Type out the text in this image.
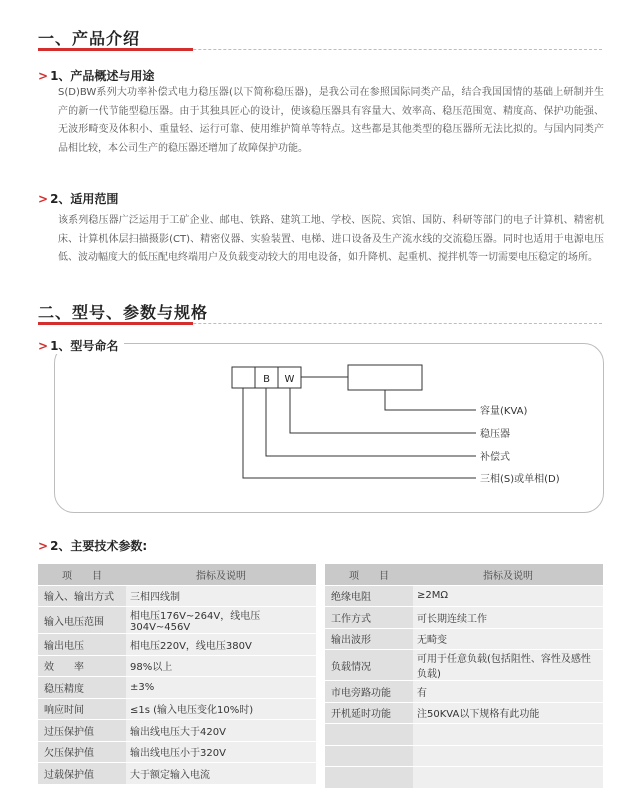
一、产品介绍
> 1、产品概述与用途
S(D)BW系列大功率补偿式电力稳压器(以下简称稳压器)，是我公司在参照国际同类产品，结合我国国情的基础上研制并生产的新一代节能型稳压器。由于其独具匠心的设计，使该稳压器具有容量大、效率高、稳压范围宽、精度高、保护功能强、无波形畸变及体积小、重量轻、运行可靠、使用维护简单等特点。这些都是其他类型的稳压器所无法比拟的。与国内同类产品相比较，本公司生产的稳压器还增加了故障保护功能。
> 2、适用范围
该系列稳压器广泛运用于工矿企业、邮电、铁路、建筑工地、学校、医院、宾馆、国防、科研等部门的电子计算机、精密机床、计算机体层扫描摄影(CT)、精密仪器、实验装置、电梯、进口设备及生产流水线的交流稳压器。同时也适用于电源电压低、波动幅度大的低压配电终端用户及负载变动较大的用电设备，如升降机、起重机、搅拌机等一切需要电压稳定的场所。
二、型号、参数与规格
> 1、型号命名
B W
容量(KVA)
稳压器
补偿式
三相(S)或单相(D)
> 2、主要技术参数:
项　　目	指标及说明
输入、输出方式	三相四线制
输入电压范围	相电压176V~264V，线电压304V~456V
输出电压	相电压220V，线电压380V
效　　率	98%以上
稳压精度	±3%
响应时间	≤1s (输入电压变化10%时)
过压保护值	输出线电压大于420V
欠压保护值	输出线电压小于320V
过载保护值	大于额定输入电流
项　　目	指标及说明
绝缘电阻	≥2MΩ
工作方式	可长期连续工作
输出波形	无畸变
负载情况	可用于任意负载(包括阻性、容性及感性负载)
市电旁路功能	有
开机延时功能	注50KVA以下规格有此功能
